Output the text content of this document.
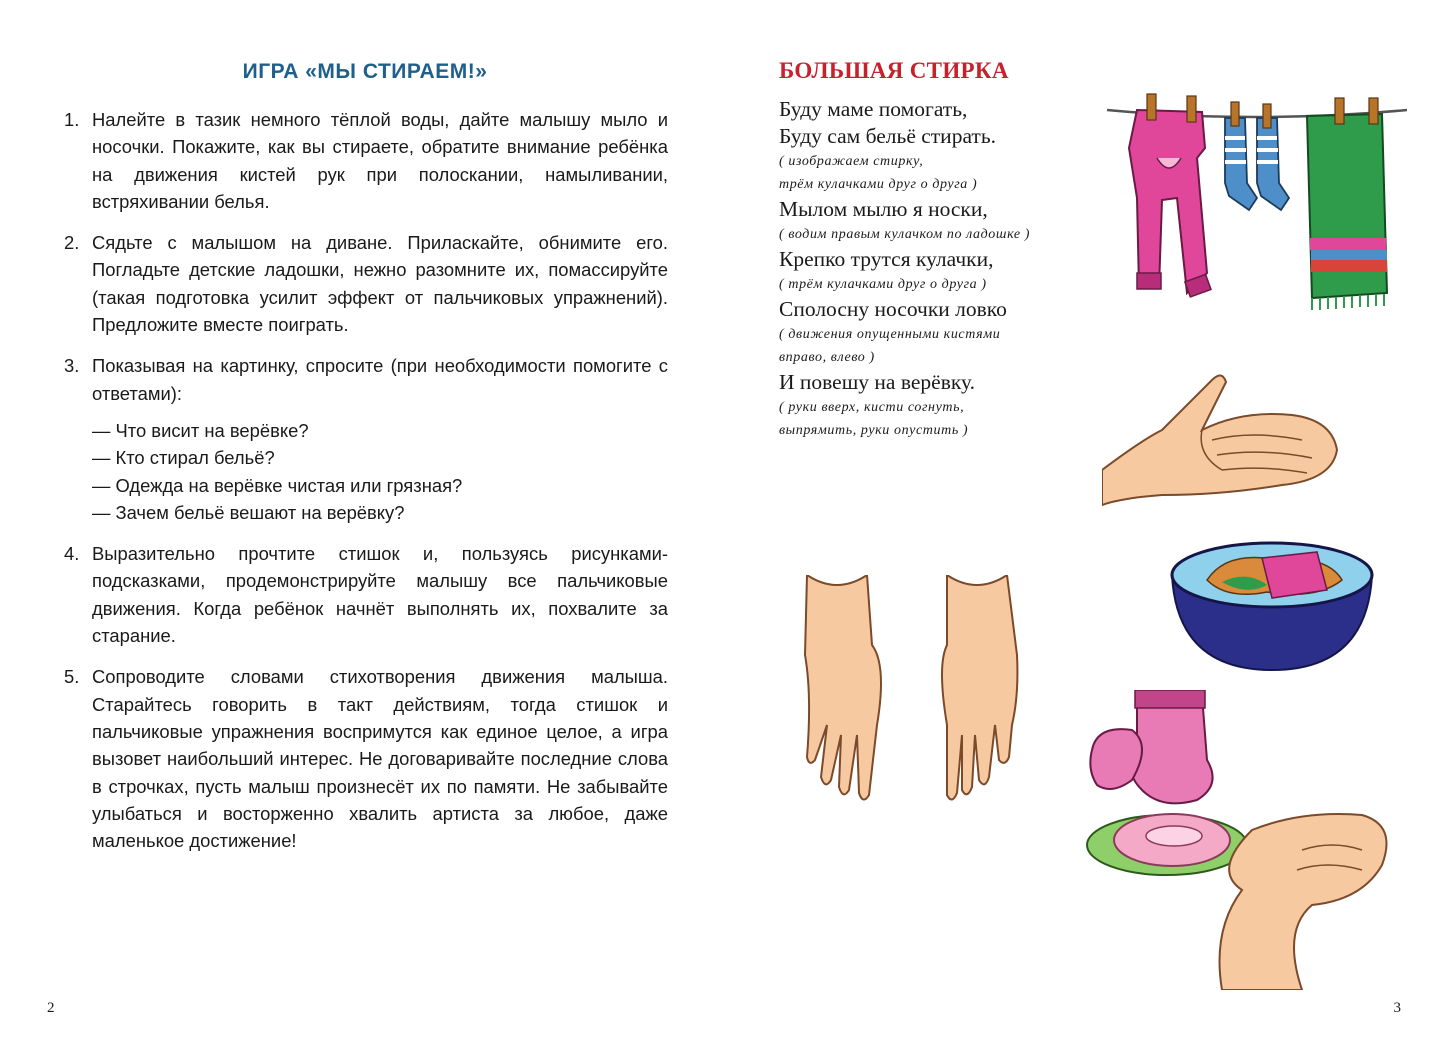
ИГРА «МЫ СТИРАЕМ!»
1. Налейте в тазик немного тёплой воды, дайте малышу мыло и носочки. Покажите, как вы стираете, обратите внимание ребёнка на движения кистей рук при полоскании, намыливании, встряхивании белья.
2. Сядьте с малышом на диване. Приласкайте, обнимите его. Погладьте детские ладошки, нежно разомните их, помассируйте (такая подготовка усилит эффект от пальчиковых упражнений). Предложите вместе поиграть.
3. Показывая на картинку, спросите (при необходимости помогите с ответами):
— Что висит на верёвке?
— Кто стирал бельё?
— Одежда на верёвке чистая или грязная?
— Зачем бельё вешают на верёвку?
4. Выразительно прочтите стишок и, пользуясь рисунками-подсказками, продемонстрируйте малышу все пальчиковые движения. Когда ребёнок начнёт выполнять их, похвалите за старание.
5. Сопроводите словами стихотворения движения малыша. Старайтесь говорить в такт действиям, тогда стишок и пальчиковые упражнения воспримутся как единое целое, а игра вызовет наибольший интерес. Не договаривайте последние слова в строчках, пусть малыш произнесёт их по памяти. Не забывайте улыбаться и восторженно хвалить артиста за любое, даже маленькое достижение!
2
БОЛЬШАЯ СТИРКА
Буду маме помогать,
Буду сам бельё стирать.
( изображаем стирку,
трём кулачками друг о друга )
Мылом мылю я носки,
( водим правым кулачком по ладошке )
Крепко трутся кулачки,
( трём кулачками друг о друга )
Сполосну носочки ловко
( движения опущенными кистями
вправо, влево )
И повешу на верёвку.
( руки вверх, кисти согнуть,
выпрямить, руки опустить )
3
